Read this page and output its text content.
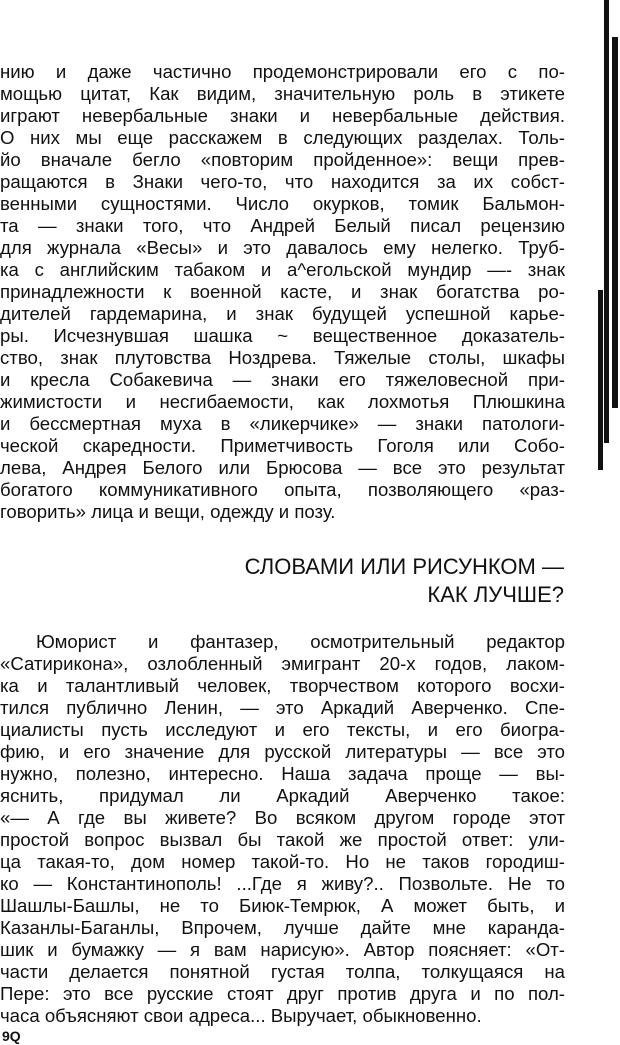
нию и даже частично продемонстрировали его с по-
мощью цитат, Как видим, значительную роль в этикете
играют невербальные знаки и невербальные действия.
О них мы еще расскажем в следующих разделах. Толь-
йо вначале бегло «повторим пройденное»: вещи прев-
ращаются в Знаки чего-то, что находится за их собст-
венными сущностями. Число окурков, томик Бальмон-
та — знаки того, что Андрей Белый писал рецензию
для журнала «Весы» и это давалось ему нелегко. Труб-
ка с английским табаком и а^егольской мундир —- знак
принадлежности к военной касте, и знак богатства ро-
дителей гардемарина, и знак будущей успешной карье-
ры. Исчезнувшая шашка ~ вещественное доказатель-
ство, знак плутовства Ноздрева. Тяжелые столы, шкафы
и кресла Собакевича — знаки его тяжеловесной при-
жимистости и несгибаемости, как лохмотья Плюшкина
и бессмертная муха в «ликерчике» — знаки патологи-
ческой скаредности. Приметчивость Гоголя или Собо-
лева, Андрея Белого или Брюсова — все это результат
богатого коммуникативного опыта, позволяющего «раз-
говорить» лица и вещи, одежду и позу.
СЛОВАМИ ИЛИ РИСУНКОМ —
КАК ЛУЧШЕ?
Юморист и фантазер, осмотрительный редактор
«Сатирикона», озлобленный эмигрант 20-х годов, лаком-
ка и талантливый человек, творчеством которого восхи-
тился публично Ленин, — это Аркадий Аверченко. Спе-
циалисты пусть исследуют и его тексты, и его биогра-
фию, и его значение для русской литературы — все это
нужно, полезно, интересно. Наша задача проще — вы-
яснить, придумал ли Аркадий Аверченко такое:
«— А где вы живете? Во всяком другом городе этот
простой вопрос вызвал бы такой же простой ответ: ули-
ца такая-то, дом номер такой-то. Но не таков городиш-
ко — Константинополь! ...Где я живу?.. Позвольте. Не то
Шашлы-Башлы, не то Биюк-Темрюк, А может быть, и
Казанлы-Баганлы, Впрочем, лучше дайте мне каранда-
шик и бумажку — я вам нарисую». Автор поясняет: «От-
части делается понятной густая толпа, толкущаяся на
Пере: это все русские стоят друг против друга и по пол-
часа объясняют свои адреса... Выручает, обыкновенно.
9Q
